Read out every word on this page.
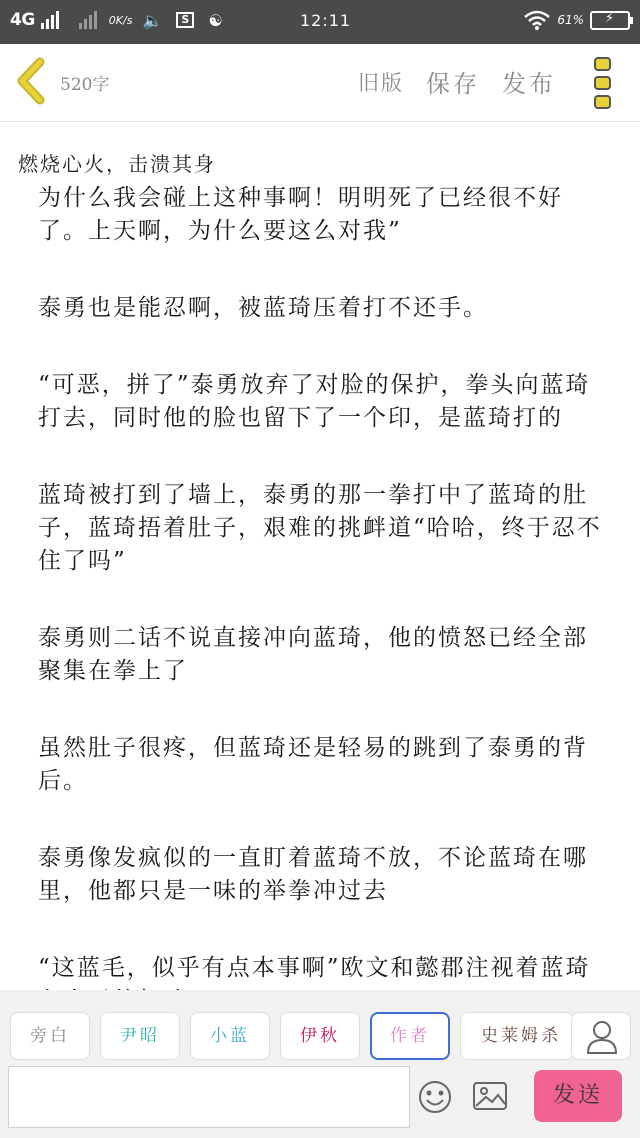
4G	0K/s 🔈	S	☯	12:11	61% ⚡
520字	旧版 保存 发布
燃烧心火，击溃其身

为什么我会碰上这种事啊！明明死了已经很不好了。上天啊，为什么要这么对我”

泰勇也是能忍啊，被蓝琦压着打不还手。

“可恶，拼了”泰勇放弃了对脸的保护，拳头向蓝琦打去，同时他的脸也留下了一个印，是蓝琦打的

蓝琦被打到了墙上，泰勇的那一拳打中了蓝琦的肚子，蓝琦捂着肚子，艰难的挑衅道“哈哈，终于忍不住了吗”

泰勇则二话不说直接冲向蓝琦，他的愤怒已经全部聚集在拳上了

虽然肚子很疼，但蓝琦还是轻易的跳到了泰勇的背后。

泰勇像发疯似的一直盯着蓝琦不放，不论蓝琦在哪里，他都只是一味的举拳冲过去

“这蓝毛，似乎有点本事啊”欧文和懿郡注视着蓝琦

旁白	尹昭	小蓝	伊秋	作者	史莱姆杀
发送
